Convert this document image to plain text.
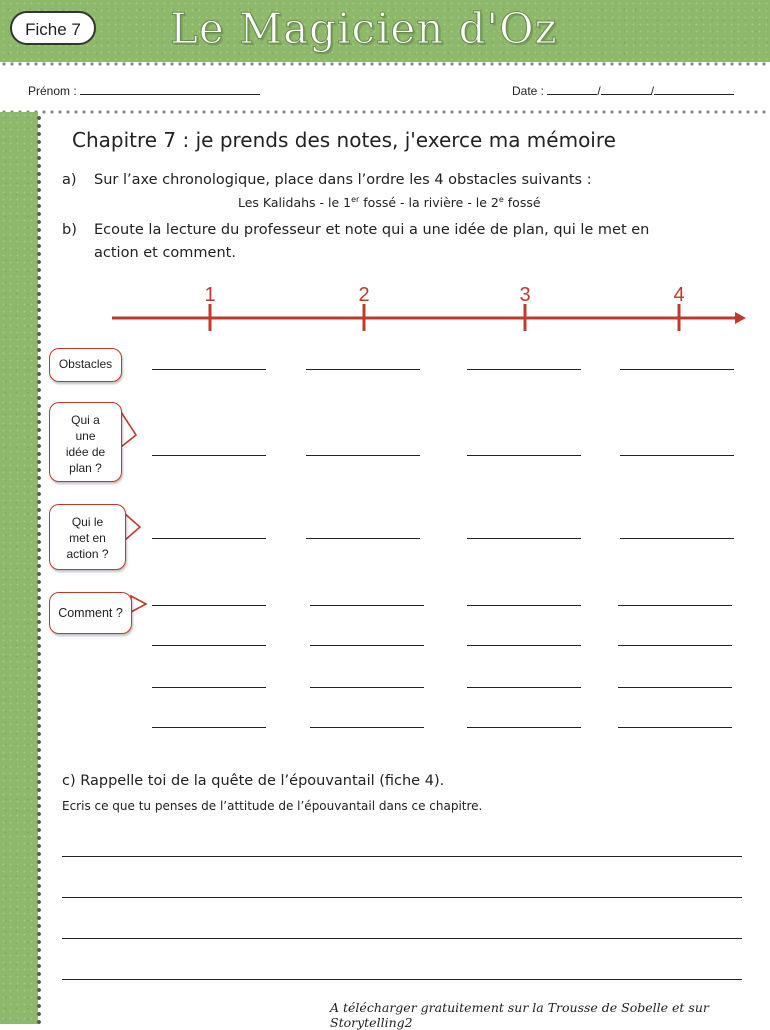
Fiche 7	Le Magicien d'Oz
Prénom :	Date :	/	/
Chapitre 7 : je prends des notes, j'exerce ma mémoire
a) Sur l’axe chronologique, place dans l’ordre les 4 obstacles suivants :
Les Kalidahs - le 1er fossé - la rivière - le 2e fossé
b) Ecoute la lecture du professeur et note qui a une idée de plan, qui le met en
action et comment.
1	2	3	4
Obstacles
Qui a
une
idée de
plan ?
Qui le
met en
action ?
Comment ?
c) Rappelle toi de la quête de l’épouvantail (fiche 4).
Ecris ce que tu penses de l’attitude de l’épouvantail dans ce chapitre.
A télécharger gratuitement sur la Trousse de Sobelle et sur Storytelling2
